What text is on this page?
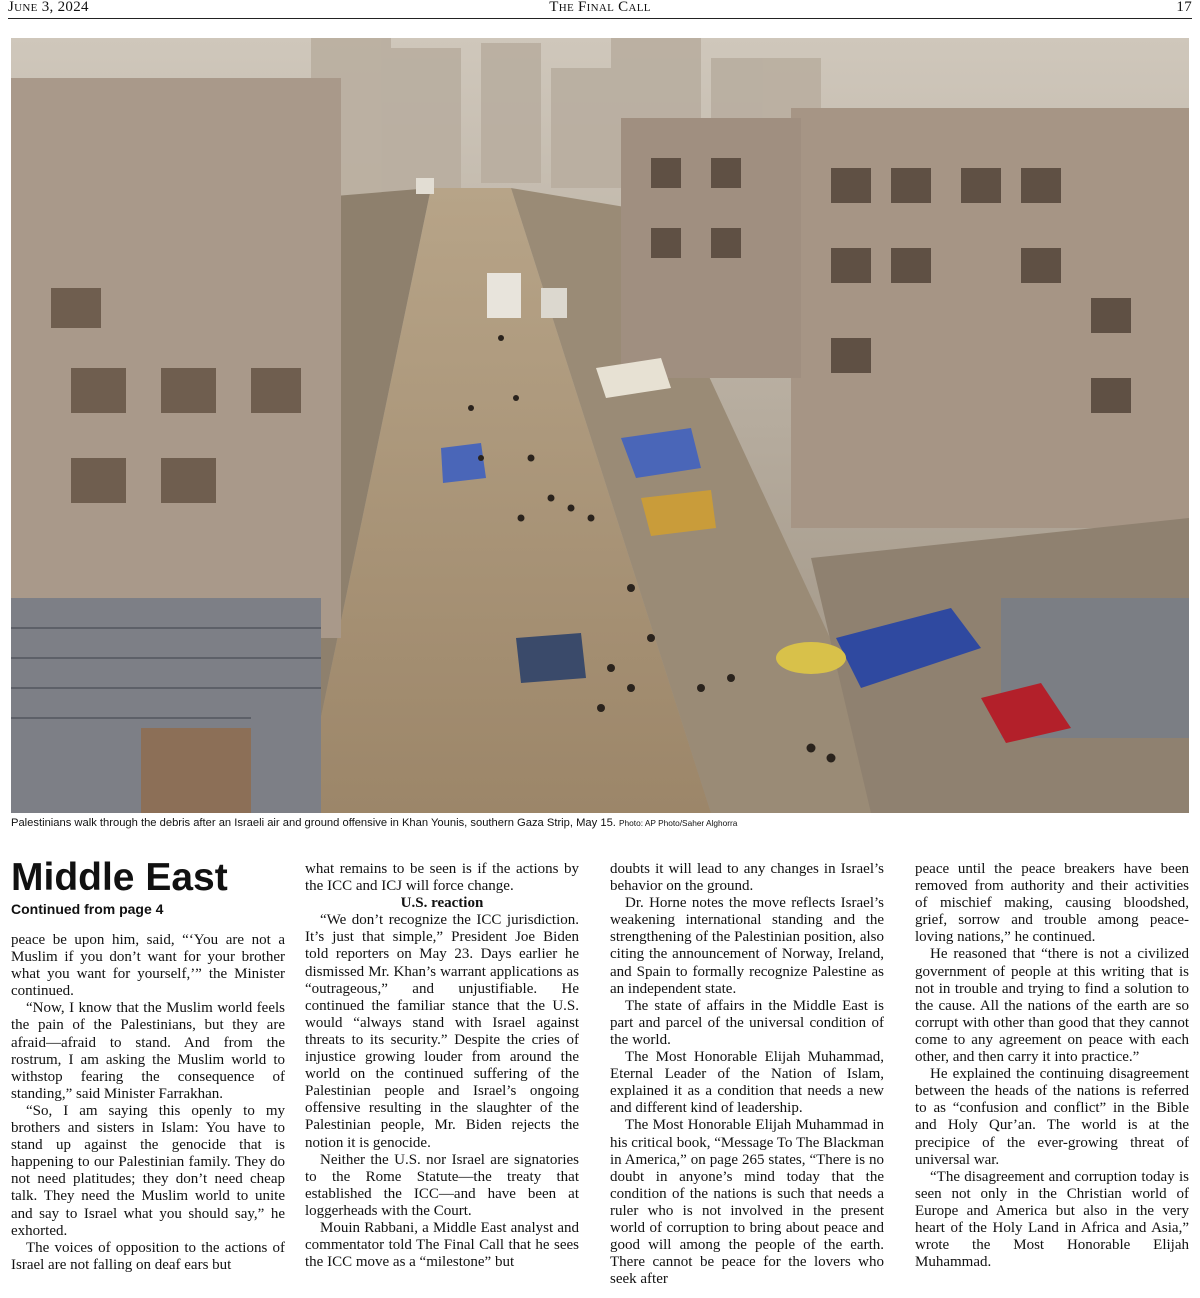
June 3, 2024	The Final Call	17
Palestinians walk through the debris after an Israeli air and ground offensive in Khan Younis, southern Gaza Strip, May 15. Photo: AP Photo/Saher Alghorra
Middle East
Continued from page 4

peace be upon him, said, “‘You are not a Muslim if you don’t want for your brother what you want for yourself,’” the Minister continued.

“Now, I know that the Muslim world feels the pain of the Palestinians, but they are afraid—afraid to stand. And from the rostrum, I am asking the Muslim world to withstop fearing the consequence of standing,” said Minister Farrakhan.

“So, I am saying this openly to my brothers and sisters in Islam: You have to stand up against the genocide that is happening to our Palestinian family. They do not need platitudes; they don’t need cheap talk. They need the Muslim world to unite and say to Israel what you should say,” he exhorted.

The voices of opposition to the actions of Israel are not falling on deaf ears but

what remains to be seen is if the actions by the ICC and ICJ will force change.

U.S. reaction

“We don’t recognize the ICC jurisdiction. It’s just that simple,” President Joe Biden told reporters on May 23. Days earlier he dismissed Mr. Khan’s warrant applications as “outrageous,” and unjustifiable. He continued the familiar stance that the U.S. would “always stand with Israel against threats to its security.” Despite the cries of injustice growing louder from around the world on the continued suffering of the Palestinian people and Israel’s ongoing offensive resulting in the slaughter of the Palestinian people, Mr. Biden rejects the notion it is genocide.

Neither the U.S. nor Israel are signatories to the Rome Statute—the treaty that established the ICC—and have been at loggerheads with the Court.

Mouin Rabbani, a Middle East analyst and commentator told The Final Call that he sees the ICC move as a “milestone” but

doubts it will lead to any changes in Israel’s behavior on the ground.

Dr. Horne notes the move reflects Israel’s weakening international standing and the strengthening of the Palestinian position, also citing the announcement of Norway, Ireland, and Spain to formally recognize Palestine as an independent state.

The state of affairs in the Middle East is part and parcel of the universal condition of the world.

The Most Honorable Elijah Muhammad, Eternal Leader of the Nation of Islam, explained it as a condition that needs a new and different kind of leadership.

The Most Honorable Elijah Muhammad in his critical book, “Message To The Blackman in America,” on page 265 states, “There is no doubt in anyone’s mind today that the condition of the nations is such that needs a ruler who is not involved in the present world of corruption to bring about peace and good will among the people of the earth. There cannot be peace for the lovers who seek after

peace until the peace breakers have been removed from authority and their activities of mischief making, causing bloodshed, grief, sorrow and trouble among peace-loving nations,” he continued.

He reasoned that “there is not a civilized government of people at this writing that is not in trouble and trying to find a solution to the cause. All the nations of the earth are so corrupt with other than good that they cannot come to any agreement on peace with each other, and then carry it into practice.”

He explained the continuing disagreement between the heads of the nations is referred to as “confusion and conflict” in the Bible and Holy Qur’an. The world is at the precipice of the ever-growing threat of universal war.

“The disagreement and corruption today is seen not only in the Christian world of Europe and America but also in the very heart of the Holy Land in Africa and Asia,” wrote the Most Honorable Elijah Muhammad.
